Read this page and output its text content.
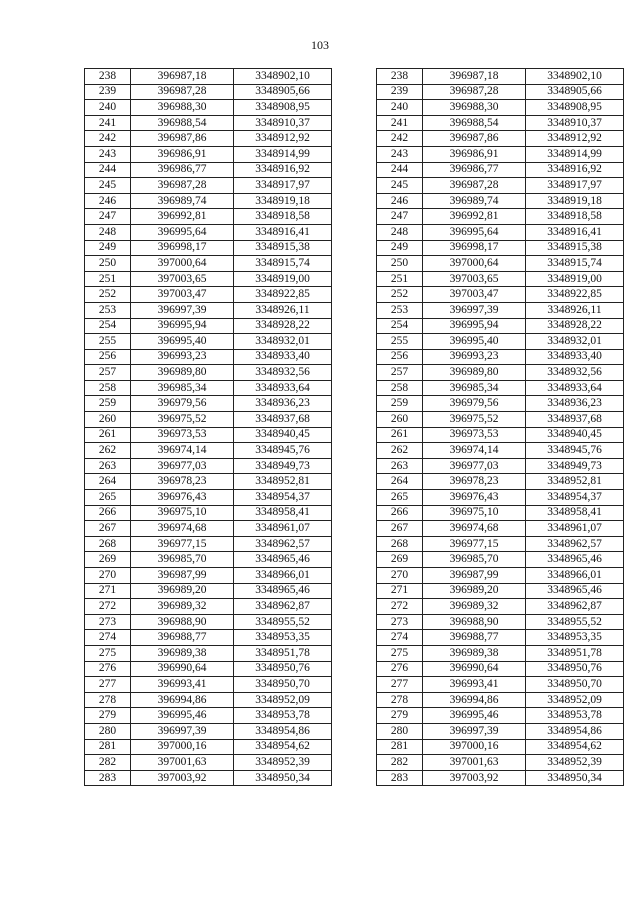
103
238	396987,18	3348902,10
239	396987,28	3348905,66
240	396988,30	3348908,95
241	396988,54	3348910,37
242	396987,86	3348912,92
243	396986,91	3348914,99
244	396986,77	3348916,92
245	396987,28	3348917,97
246	396989,74	3348919,18
247	396992,81	3348918,58
248	396995,64	3348916,41
249	396998,17	3348915,38
250	397000,64	3348915,74
251	397003,65	3348919,00
252	397003,47	3348922,85
253	396997,39	3348926,11
254	396995,94	3348928,22
255	396995,40	3348932,01
256	396993,23	3348933,40
257	396989,80	3348932,56
258	396985,34	3348933,64
259	396979,56	3348936,23
260	396975,52	3348937,68
261	396973,53	3348940,45
262	396974,14	3348945,76
263	396977,03	3348949,73
264	396978,23	3348952,81
265	396976,43	3348954,37
266	396975,10	3348958,41
267	396974,68	3348961,07
268	396977,15	3348962,57
269	396985,70	3348965,46
270	396987,99	3348966,01
271	396989,20	3348965,46
272	396989,32	3348962,87
273	396988,90	3348955,52
274	396988,77	3348953,35
275	396989,38	3348951,78
276	396990,64	3348950,76
277	396993,41	3348950,70
278	396994,86	3348952,09
279	396995,46	3348953,78
280	396997,39	3348954,86
281	397000,16	3348954,62
282	397001,63	3348952,39
283	397003,92	3348950,34
238	396987,18	3348902,10
239	396987,28	3348905,66
240	396988,30	3348908,95
241	396988,54	3348910,37
242	396987,86	3348912,92
243	396986,91	3348914,99
244	396986,77	3348916,92
245	396987,28	3348917,97
246	396989,74	3348919,18
247	396992,81	3348918,58
248	396995,64	3348916,41
249	396998,17	3348915,38
250	397000,64	3348915,74
251	397003,65	3348919,00
252	397003,47	3348922,85
253	396997,39	3348926,11
254	396995,94	3348928,22
255	396995,40	3348932,01
256	396993,23	3348933,40
257	396989,80	3348932,56
258	396985,34	3348933,64
259	396979,56	3348936,23
260	396975,52	3348937,68
261	396973,53	3348940,45
262	396974,14	3348945,76
263	396977,03	3348949,73
264	396978,23	3348952,81
265	396976,43	3348954,37
266	396975,10	3348958,41
267	396974,68	3348961,07
268	396977,15	3348962,57
269	396985,70	3348965,46
270	396987,99	3348966,01
271	396989,20	3348965,46
272	396989,32	3348962,87
273	396988,90	3348955,52
274	396988,77	3348953,35
275	396989,38	3348951,78
276	396990,64	3348950,76
277	396993,41	3348950,70
278	396994,86	3348952,09
279	396995,46	3348953,78
280	396997,39	3348954,86
281	397000,16	3348954,62
282	397001,63	3348952,39
283	397003,92	3348950,34
